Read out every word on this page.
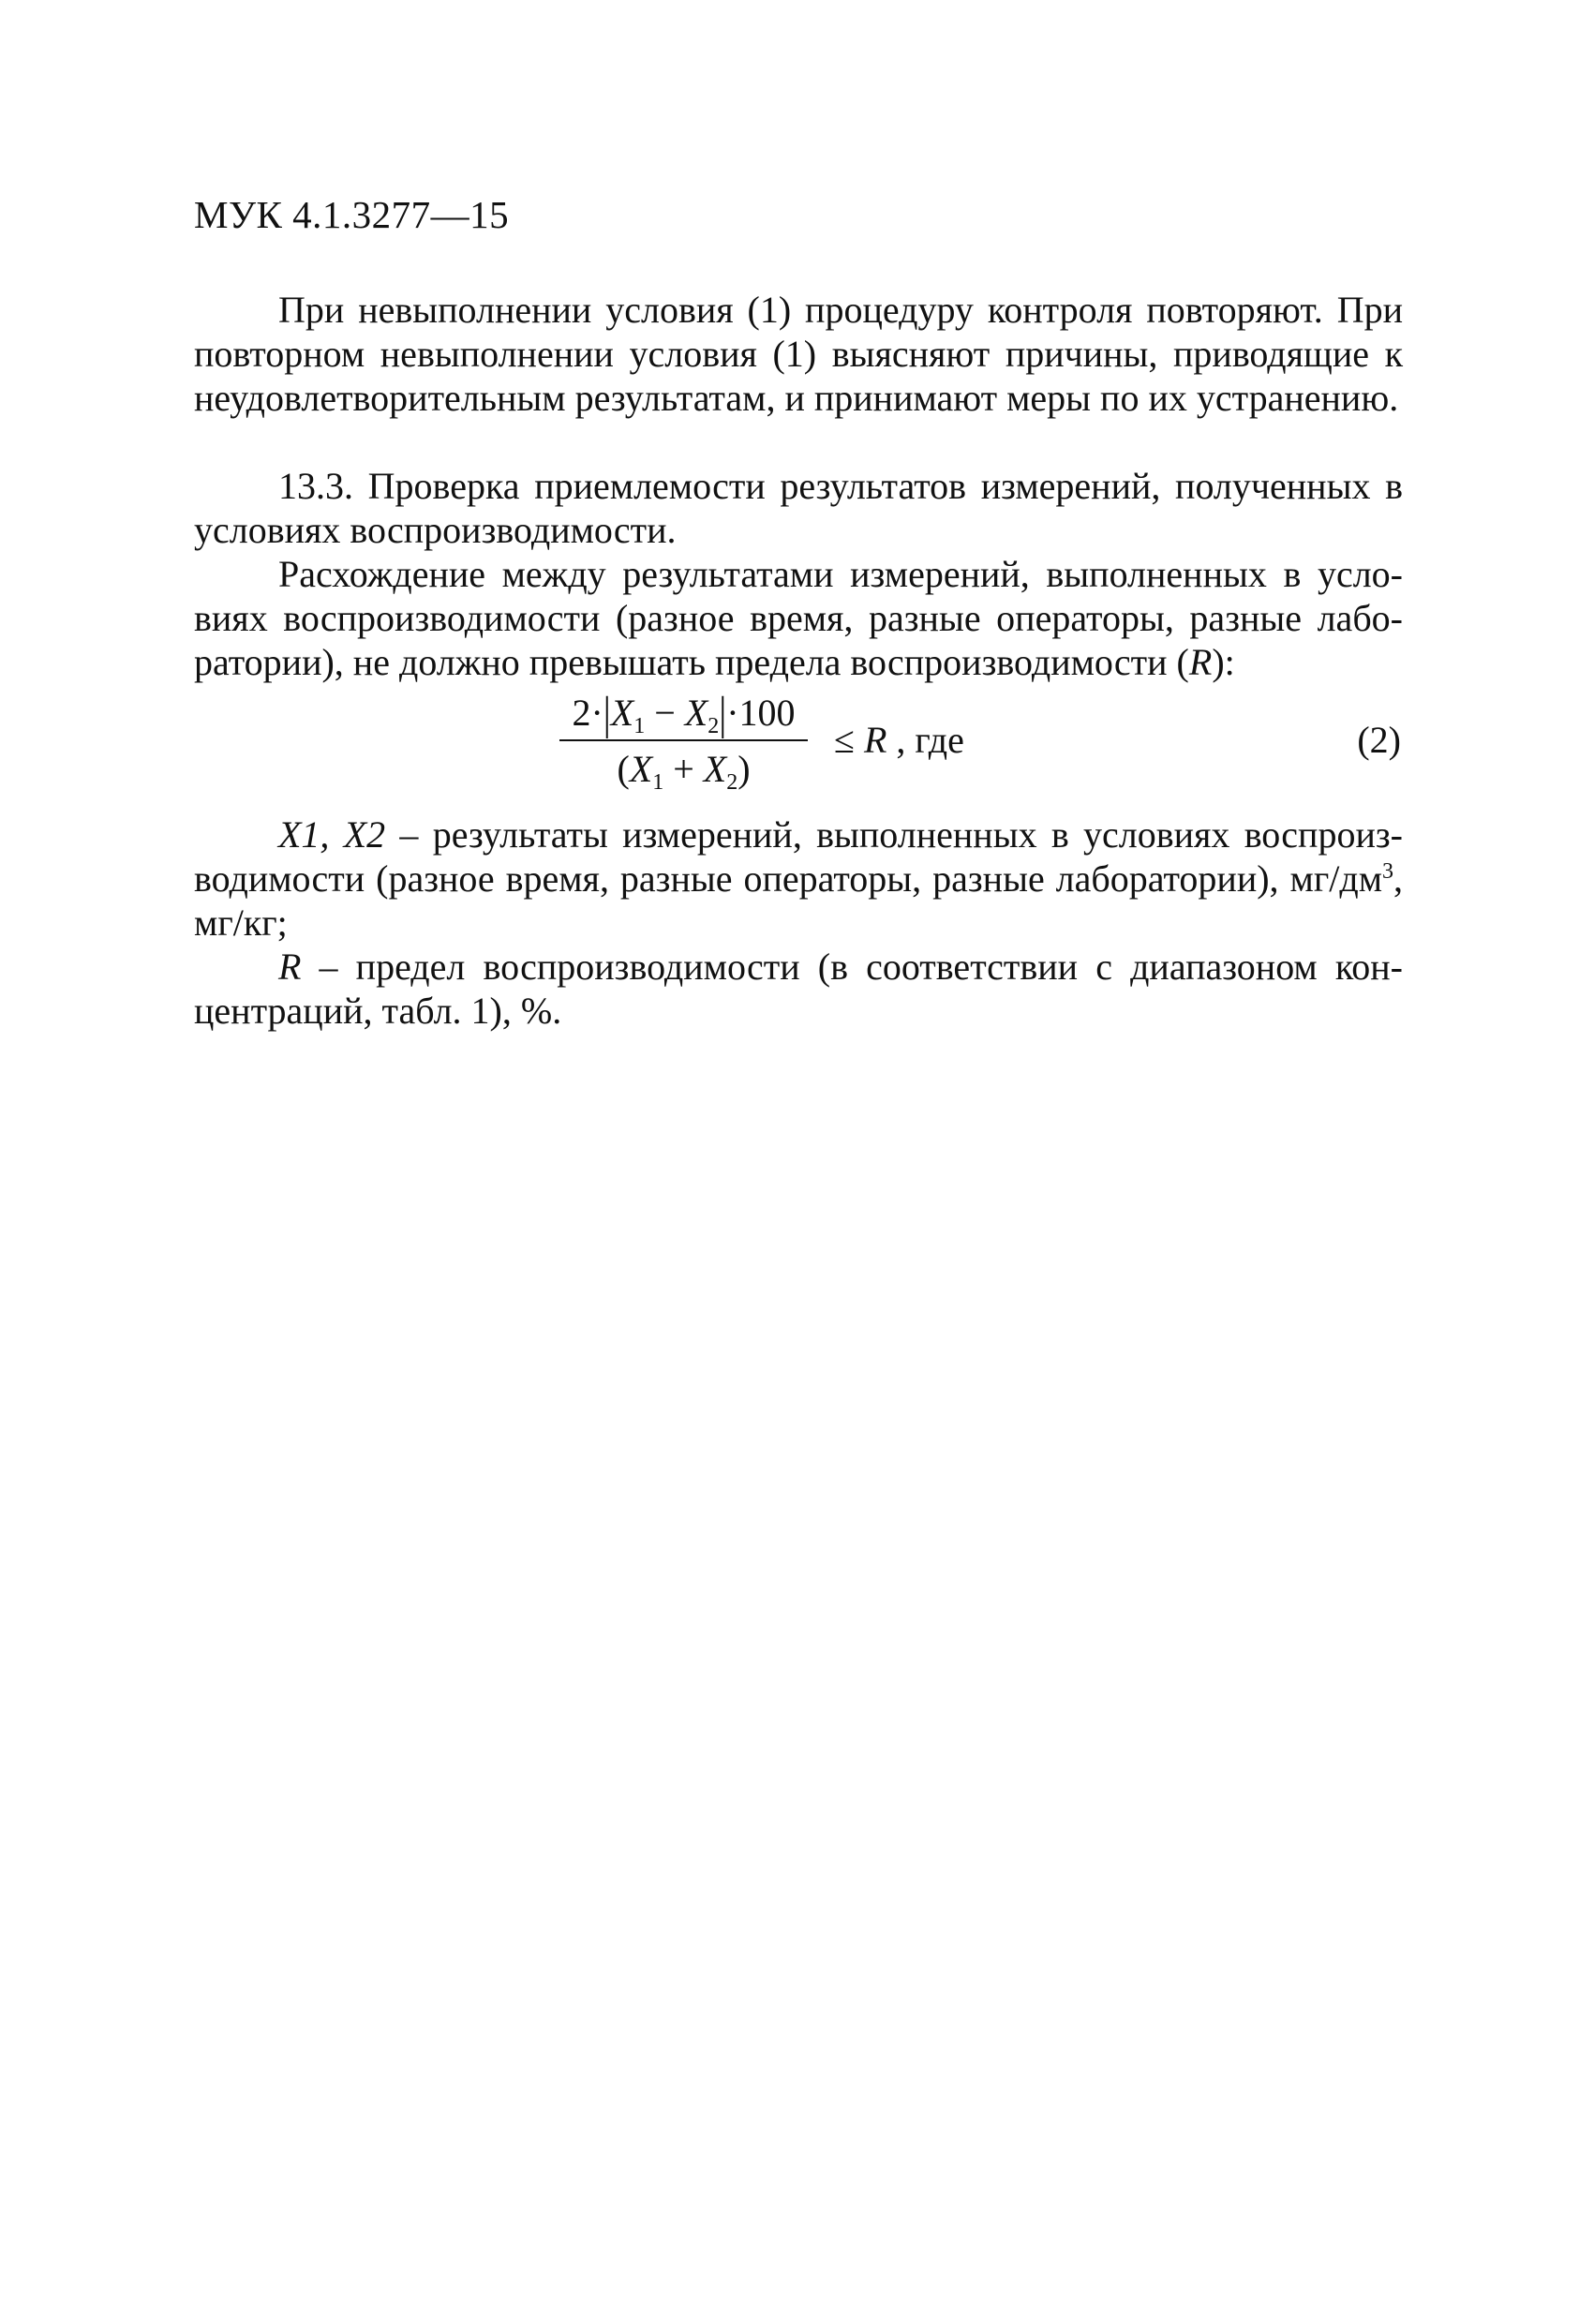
МУК 4.1.3277—15

При невыполнении условия (1) процедуру контроля повторяют. При повторном невыполнении условия (1) выясняют причины, приводящие к неудовлетворительным результатам, и принимают меры по их устранению.

13.3. Проверка приемлемости результатов измерений, полученных в условиях воспроизводимости.

Расхождение между результатами измерений, выполненных в условиях воспроизводимости (разное время, разные операторы, разные лаборатории), не должно превышать предела воспроизводимости (R):

$2\cdot|X_1 - X_2|\cdot 100$
$(X_1 + X_2)$
≤ R , где	(2)

X1, X2 – результаты измерений, выполненных в условиях воспроизводимости (разное время, разные операторы, разные лаборатории), $мг/дм^3$, мг/кг;

R – предел воспроизводимости (в соответствии с диапазоном концентраций, табл. 1), %.
